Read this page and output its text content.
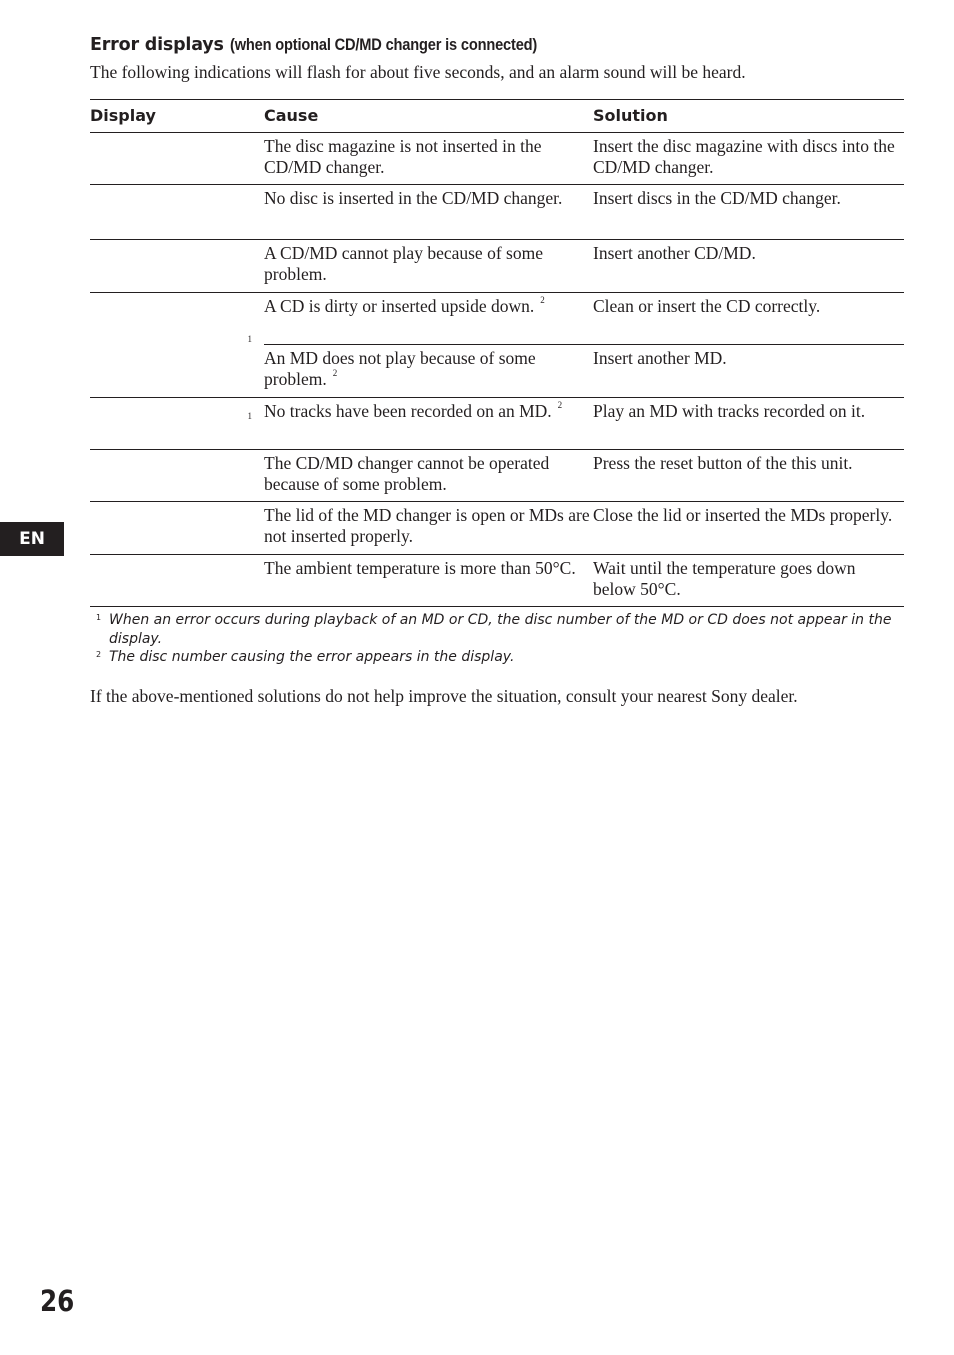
Error displays (when optional CD/MD changer is connected)
The following indications will flash for about five seconds, and an alarm sound will be heard.
Display	Cause	Solution

	The disc magazine is not inserted in the CD/MD changer.	Insert the disc magazine with discs into the CD/MD changer.

	No disc is inserted in the CD/MD changer.	Insert discs in the CD/MD changer.

	A CD/MD cannot play because of some problem.	Insert another CD/MD.

1	A CD is dirty or inserted upside down. $^2$	Clean or insert the CD correctly.

	An MD does not play because of some problem. $^2$	Insert another MD.

1	No tracks have been recorded on an MD. $^2$	Play an MD with tracks recorded on it.

	The CD/MD changer cannot be operated because of some problem.	Press the reset button of the this unit.

	The lid of the MD changer is open or MDs are not inserted properly.	Close the lid or inserted the MDs properly.

	The ambient temperature is more than 50°C.	Wait until the temperature goes down below 50°C.
1 When an error occurs during playback of an MD or CD, the disc number of the MD or CD does not appear in the display.
2 The disc number causing the error appears in the display.
If the above-mentioned solutions do not help improve the situation, consult your nearest Sony dealer.
EN
26
